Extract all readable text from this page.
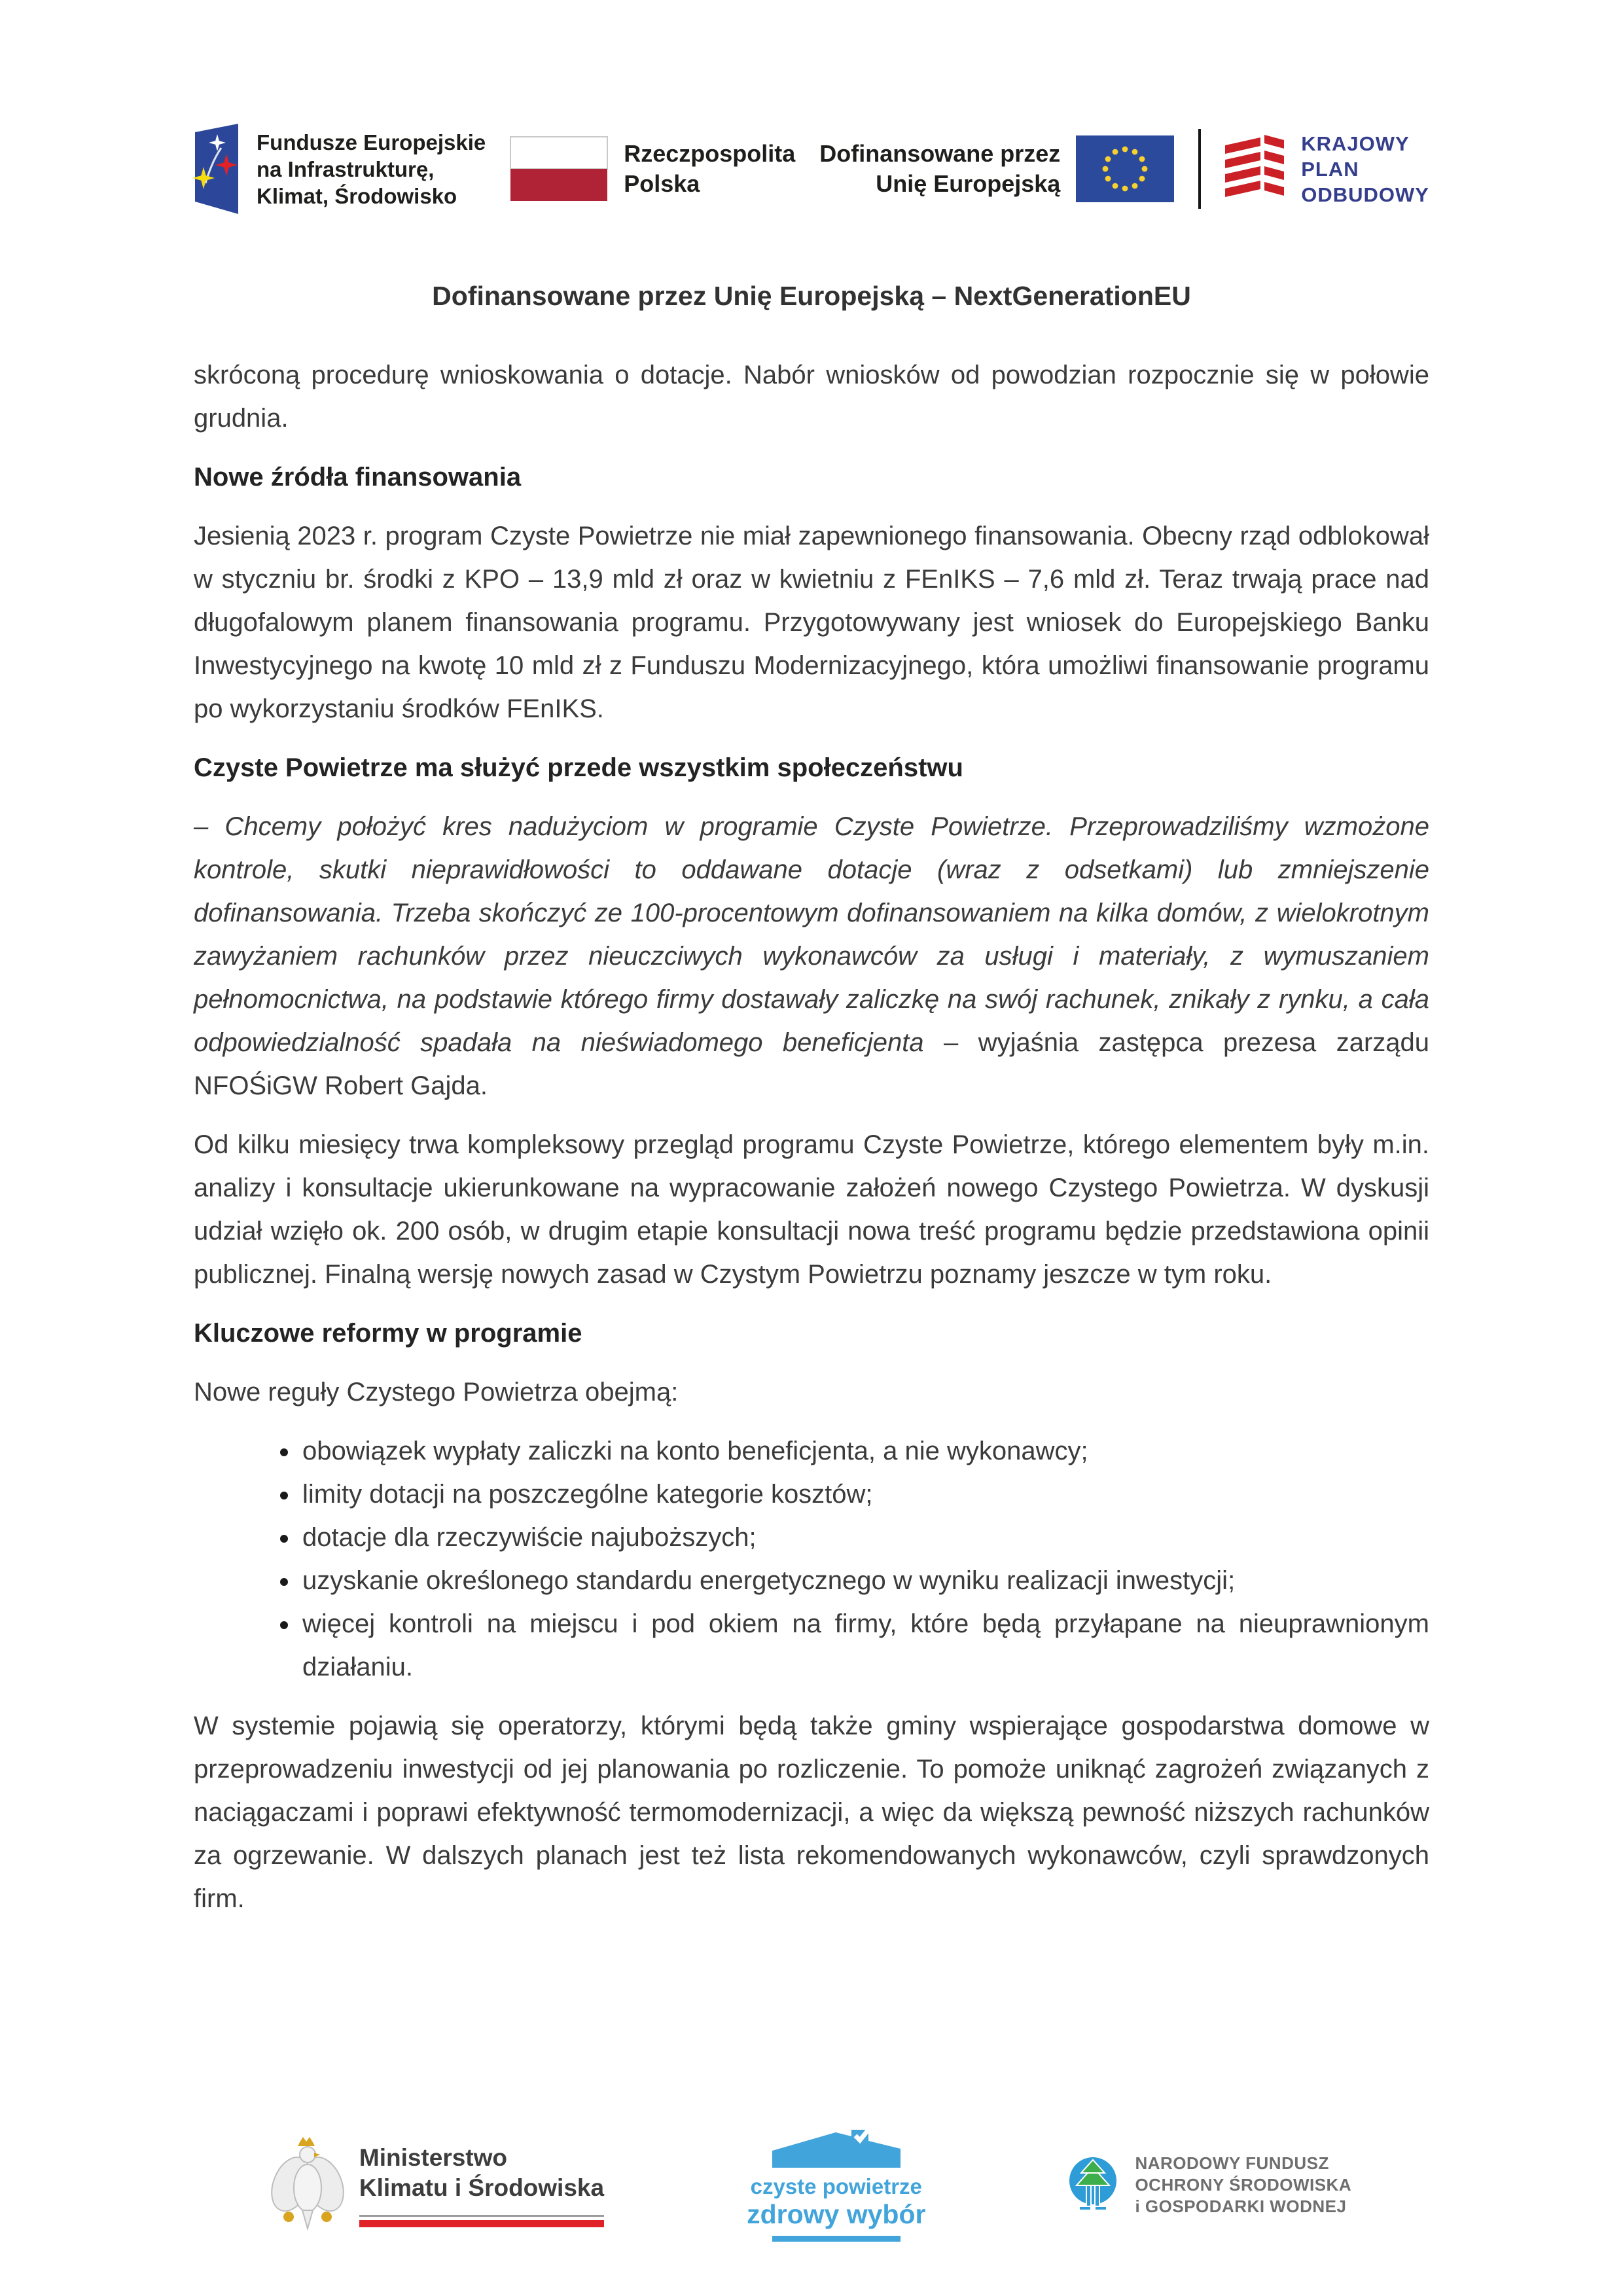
Fundusze Europejskie
na Infrastrukturę,
Klimat, Środowisko
Rzeczpospolita
Polska
Dofinansowane przez
Unię Europejską
KRAJOWY
PLAN
ODBUDOWY
Dofinansowane przez Unię Europejską – NextGenerationEU

skróconą procedurę wnioskowania o dotacje. Nabór wniosków od powodzian rozpocznie się w połowie grudnia.

Nowe źródła finansowania

Jesienią 2023 r. program Czyste Powietrze nie miał zapewnionego finansowania. Obecny rząd odblokował w styczniu br. środki z KPO – 13,9 mld zł oraz w kwietniu z FEnIKS – 7,6 mld zł. Teraz trwają prace nad długofalowym planem finansowania programu. Przygotowywany jest wniosek do Europejskiego Banku Inwestycyjnego na kwotę 10 mld zł z Funduszu Modernizacyjnego, która umożliwi finansowanie programu po wykorzystaniu środków FEnIKS.

Czyste Powietrze ma służyć przede wszystkim społeczeństwu

– Chcemy położyć kres nadużyciom w programie Czyste Powietrze. Przeprowadziliśmy wzmożone kontrole, skutki nieprawidłowości to oddawane dotacje (wraz z odsetkami) lub zmniejszenie dofinansowania. Trzeba skończyć ze 100-procentowym dofinansowaniem na kilka domów, z wielokrotnym zawyżaniem rachunków przez nieuczciwych wykonawców za usługi i materiały, z wymuszaniem pełnomocnictwa, na podstawie którego firmy dostawały zaliczkę na swój rachunek, znikały z rynku, a cała odpowiedzialność spadała na nieświadomego beneficjenta – wyjaśnia zastępca prezesa zarządu NFOŚiGW Robert Gajda.

Od kilku miesięcy trwa kompleksowy przegląd programu Czyste Powietrze, którego elementem były m.in. analizy i konsultacje ukierunkowane na wypracowanie założeń nowego Czystego Powietrza. W dyskusji udział wzięło ok. 200 osób, w drugim etapie konsultacji nowa treść programu będzie przedstawiona opinii publicznej. Finalną wersję nowych zasad w Czystym Powietrzu poznamy jeszcze w tym roku.

Kluczowe reformy w programie

Nowe reguły Czystego Powietrza obejmą:

• obowiązek wypłaty zaliczki na konto beneficjenta, a nie wykonawcy;
• limity dotacji na poszczególne kategorie kosztów;
• dotacje dla rzeczywiście najuboższych;
• uzyskanie określonego standardu energetycznego w wyniku realizacji inwestycji;
• więcej kontroli na miejscu i pod okiem na firmy, które będą przyłapane na nieuprawnionym działaniu.

W systemie pojawią się operatorzy, którymi będą także gminy wspierające gospodarstwa domowe w przeprowadzeniu inwestycji od jej planowania po rozliczenie. To pomoże uniknąć zagrożeń związanych z naciągaczami i poprawi efektywność termomodernizacji, a więc da większą pewność niższych rachunków za ogrzewanie. W dalszych planach jest też lista rekomendowanych wykonawców, czyli sprawdzonych firm.

Ministerstwo
Klimatu i Środowiska	czyste powietrze
zdrowy wybór
NARODOWY FUNDUSZ
OCHRONY ŚRODOWISKA
i GOSPODARKI WODNEJ
